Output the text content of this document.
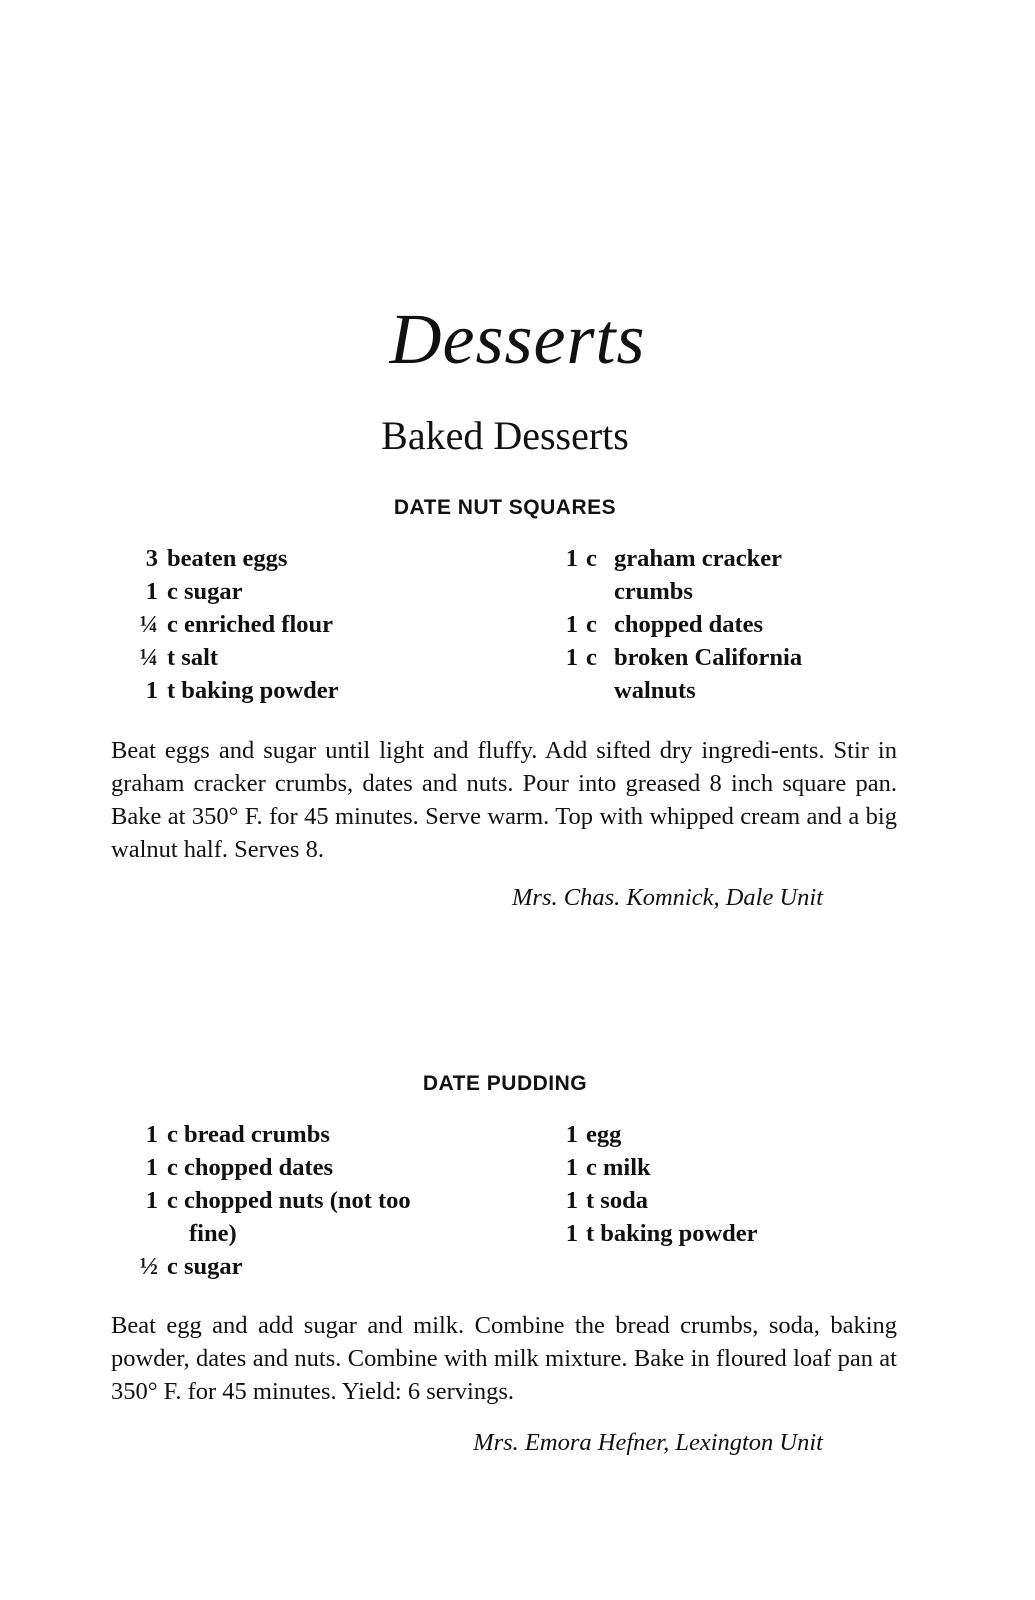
Desserts
Baked Desserts
DATE NUT SQUARES
3 beaten eggs
1 c sugar
¼ c enriched flour
¼ t salt
1 t baking powder
1 c graham cracker
crumbs
1 c chopped dates
1 c broken California
walnuts

Beat eggs and sugar until light and fluffy. Add sifted dry ingredi-ents. Stir in graham cracker crumbs, dates and nuts. Pour into greased 8 inch square pan. Bake at 350° F. for 45 minutes. Serve warm. Top with whipped cream and a big walnut half. Serves 8.

Mrs. Chas. Komnick, Dale Unit

DATE PUDDING
1 c bread crumbs
1 c chopped dates
1 c chopped nuts (not too
fine)
½ c sugar
1 egg
1 c milk
1 t soda
1 t baking powder

Beat egg and add sugar and milk. Combine the bread crumbs, soda, baking powder, dates and nuts. Combine with milk mixture. Bake in floured loaf pan at 350° F. for 45 minutes. Yield: 6 servings.

Mrs. Emora Hefner, Lexington Unit
